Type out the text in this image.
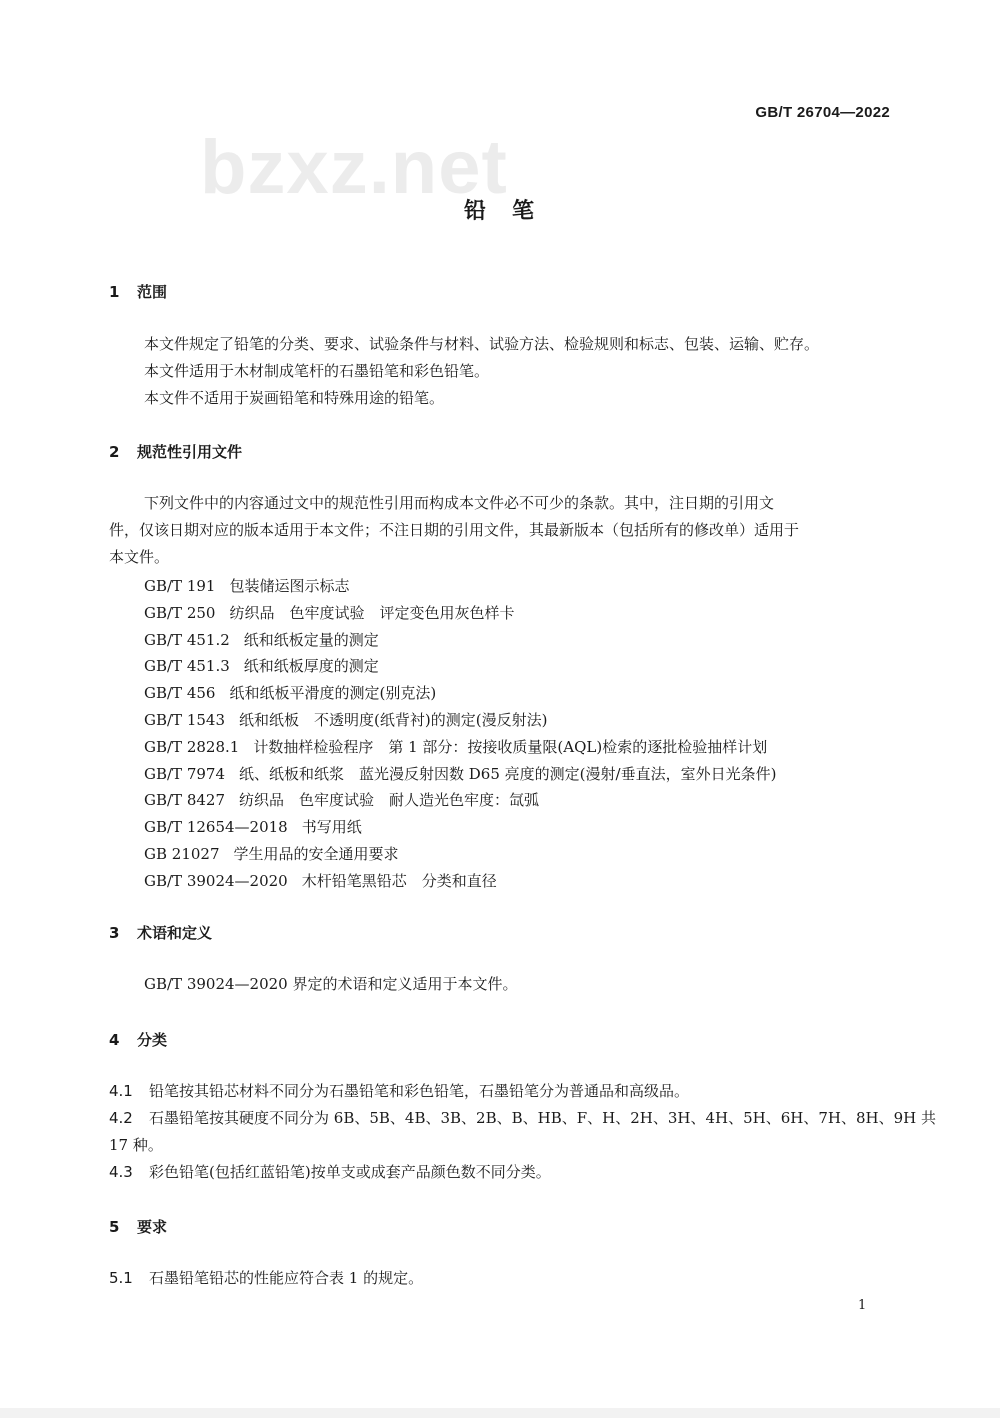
GB/T 26704—2022
bzxz.net
铅　笔
1 范围
本文件规定了铅笔的分类、要求、试验条件与材料、试验方法、检验规则和标志、包装、运输、贮存。
本文件适用于木材制成笔杆的石墨铅笔和彩色铅笔。
本文件不适用于炭画铅笔和特殊用途的铅笔。
2 规范性引用文件
下列文件中的内容通过文中的规范性引用而构成本文件必不可少的条款。其中，注日期的引用文
件，仅该日期对应的版本适用于本文件；不注日期的引用文件，其最新版本（包括所有的修改单）适用于
本文件。
GB/T 191 包装储运图示标志
GB/T 250 纺织品　色牢度试验　评定变色用灰色样卡
GB/T 451.2 纸和纸板定量的测定
GB/T 451.3 纸和纸板厚度的测定
GB/T 456 纸和纸板平滑度的测定(别克法)
GB/T 1543 纸和纸板　不透明度(纸背衬)的测定(漫反射法)
GB/T 2828.1 计数抽样检验程序　第 1 部分：按接收质量限(AQL)检索的逐批检验抽样计划
GB/T 7974 纸、纸板和纸浆　蓝光漫反射因数 D65 亮度的测定(漫射/垂直法，室外日光条件)
GB/T 8427 纺织品　色牢度试验　耐人造光色牢度：氙弧
GB/T 12654—2018 书写用纸
GB 21027 学生用品的安全通用要求
GB/T 39024—2020 木杆铅笔黑铅芯　分类和直径
3 术语和定义
GB/T 39024—2020 界定的术语和定义适用于本文件。
4 分类
4.1 铅笔按其铅芯材料不同分为石墨铅笔和彩色铅笔，石墨铅笔分为普通品和高级品。
4.2 石墨铅笔按其硬度不同分为 6B、5B、4B、3B、2B、B、HB、F、H、2H、3H、4H、5H、6H、7H、8H、9H 共
17 种。
4.3 彩色铅笔(包括红蓝铅笔)按单支或成套产品颜色数不同分类。
5 要求
5.1 石墨铅笔铅芯的性能应符合表 1 的规定。
1
